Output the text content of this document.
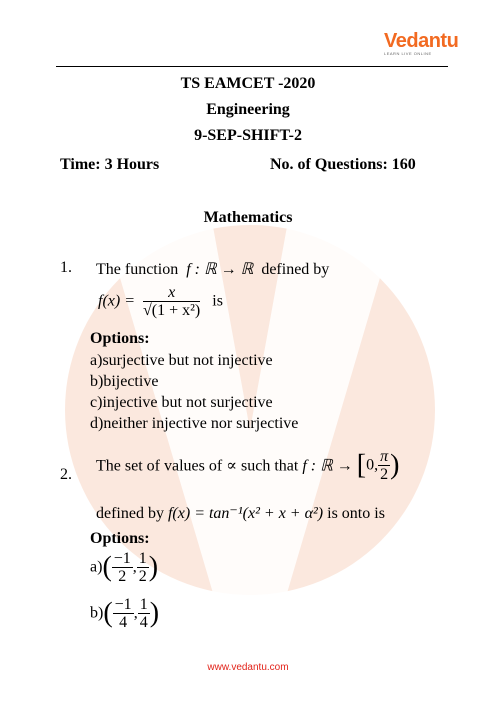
Vedantu
LEARN LIVE ONLINE
TS EAMCET -2020
Engineering
9-SEP-SHIFT-2
Time: 3 Hours	No. of Questions: 160
Mathematics
1. The function f : ℝ → ℝ defined by
$f(x) = \frac{x}{\text{√(1 + x²)}}$ is
Options:
a)surjective but not injective
b)bijective
c)injective but not surjective
d)neither injective nor surjective
2. The set of values of ∝ such that f : ℝ → [0, $\frac{\pi}{2}$ )
defined by f(x) = tan⁻¹(x² + x + α²) is onto is
Options:
$a)( \frac{-1}{2}$ , $\frac{1}{2}$ )
$b)( \frac{-1}{4}$ , $\frac{1}{4}$ )
www.vedantu.com
